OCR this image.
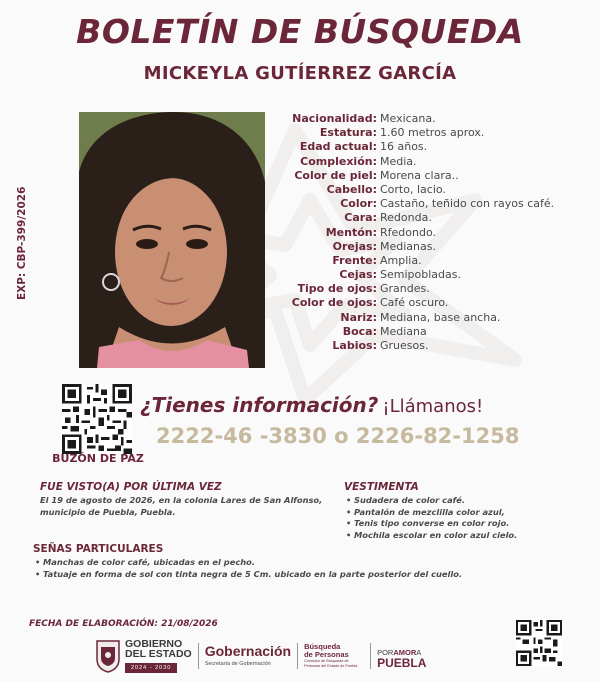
BOLETÍN DE BÚSQUEDA
MICKEYLA GUTÍERREZ GARCÍA
EXP: CBP-399/2026
Nacionalidad: Mexicana.
Estatura: 1.60 metros aprox.
Edad actual: 16 años.
Complexión: Media.
Color de piel: Morena clara..
Cabello: Corto, lacio.
Color: Castaño, teñido con rayos café.
Cara: Redonda.
Mentón: Rfedondo.
Orejas: Medianas.
Frente: Amplia.
Cejas: Semipobladas.
Tipo de ojos: Grandes.
Color de ojos: Café oscuro.
Nariz: Mediana, base ancha.
Boca: Mediana
Labios: Gruesos.
BUZÓN DE PAZ
¿Tienes información? ¡Llámanos!
2222-46 -3830 o 2226-82-1258
FUE VISTO(A) POR ÚLTIMA VEZ
El 19 de agosto de 2026, en la colonia Lares de San Alfonso, municipio de Puebla, Puebla.
VESTIMENTA
• Sudadera de color café.
• Pantalón de mezclilla color azul,
• Tenis tipo converse en color rojo.
• Mochila escolar en color azul cielo.
SEÑAS PARTICULARES
• Manchas de color café, ubicadas en el pecho.
• Tatuaje en forma de sol con tinta negra de 5 Cm. ubicado en la parte posterior del cuello.
FECHA DE ELABORACIÓN: 21/08/2026
GOBIERNO
DEL ESTADO
2024 - 2030
Gobernación
Secretaría de Gobernación
Búsqueda
de Personas
Comisión de Búsqueda de Personas del Estado de Puebla
PORAMORA
PUEBLA
